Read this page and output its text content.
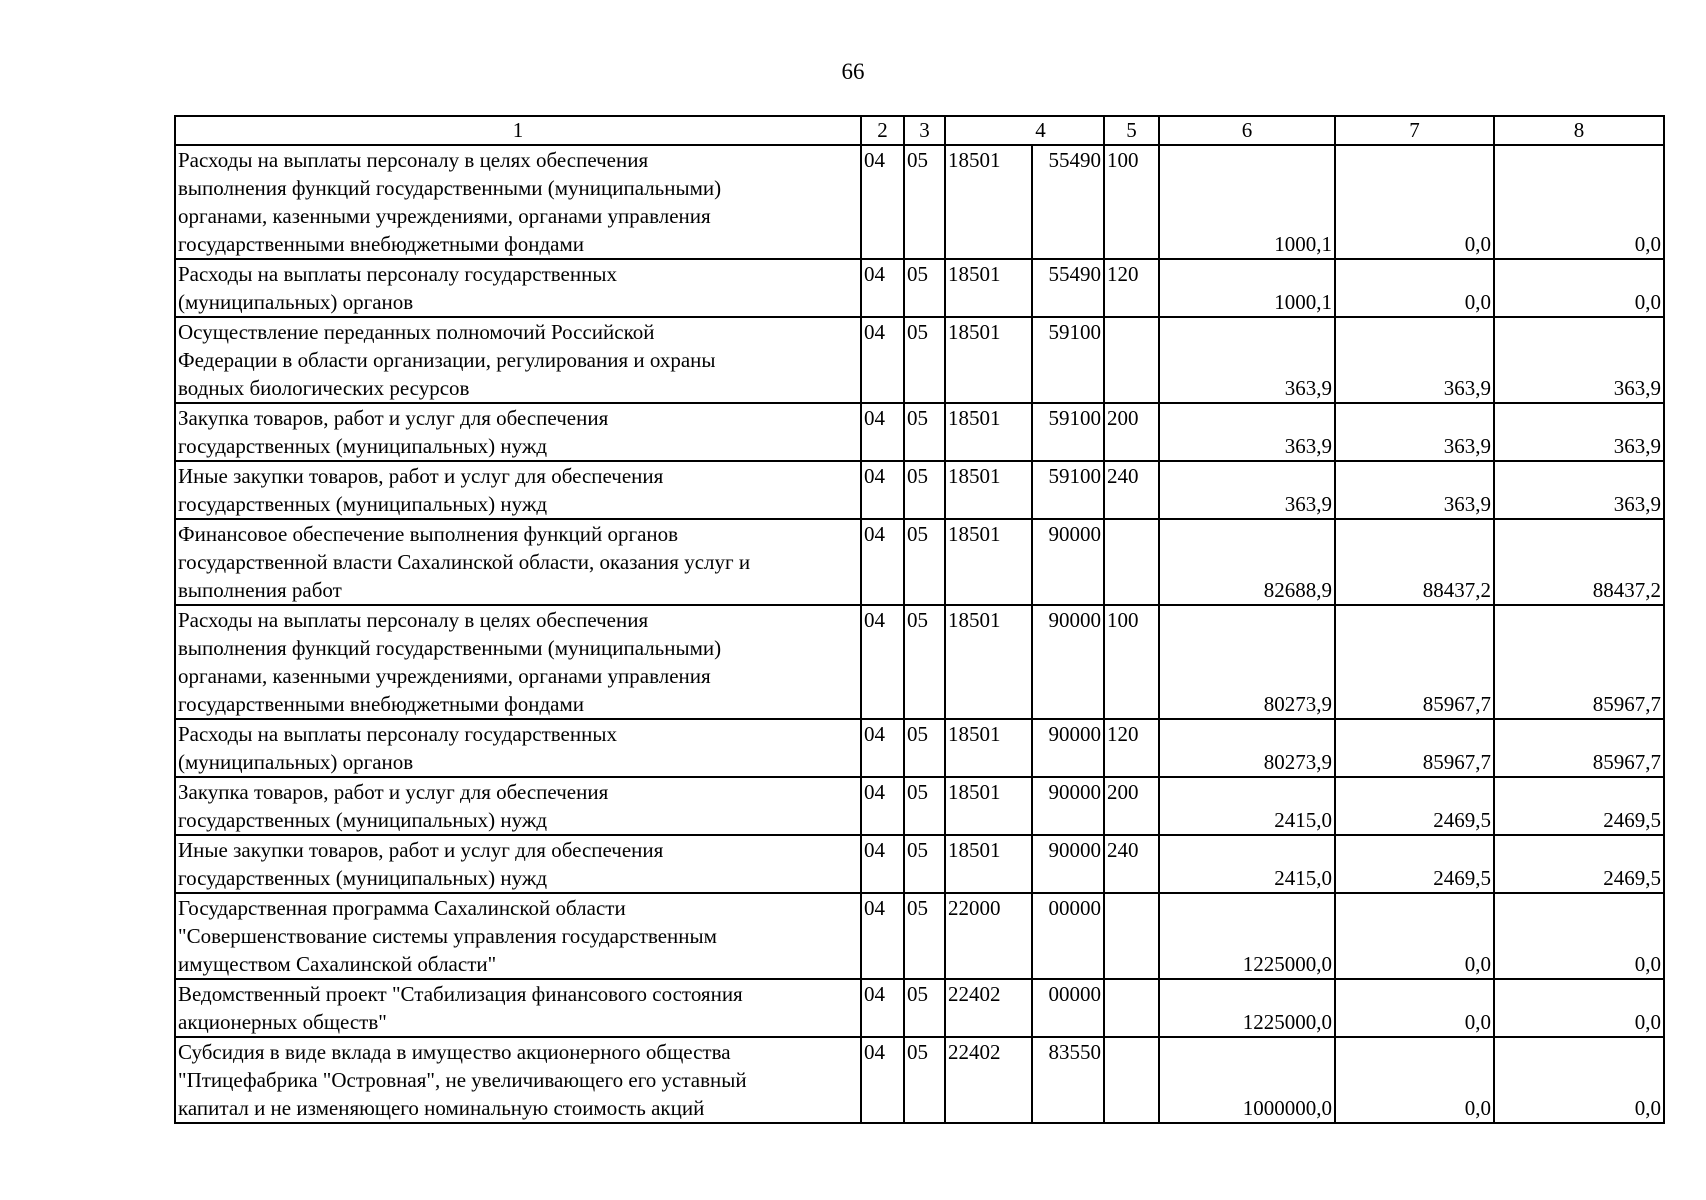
66
1	2	3	4		5	6	7	8

Расходы на выплаты персоналу в целях обеспечения
выполнения функций государственными (муниципальными)
органами, казенными учреждениями, органами управления
государственными внебюджетными фондами	04	05	18501	55490	100	1000,1	0,0	0,0

Расходы на выплаты персоналу государственных
(муниципальных) органов	04	05	18501	55490	120	1000,1	0,0	0,0

Осуществление переданных полномочий Российской
Федерации в области организации, регулирования и охраны
водных биологических ресурсов	04	05	18501	59100		363,9	363,9	363,9

Закупка товаров, работ и услуг для обеспечения
государственных (муниципальных) нужд	04	05	18501	59100	200	363,9	363,9	363,9

Иные закупки товаров, работ и услуг для обеспечения
государственных (муниципальных) нужд	04	05	18501	59100	240	363,9	363,9	363,9

Финансовое обеспечение выполнения функций органов
государственной власти Сахалинской области, оказания услуг и
выполнения работ	04	05	18501	90000		82688,9	88437,2	88437,2

Расходы на выплаты персоналу в целях обеспечения
выполнения функций государственными (муниципальными)
органами, казенными учреждениями, органами управления
государственными внебюджетными фондами	04	05	18501	90000	100	80273,9	85967,7	85967,7

Расходы на выплаты персоналу государственных
(муниципальных) органов	04	05	18501	90000	120	80273,9	85967,7	85967,7

Закупка товаров, работ и услуг для обеспечения
государственных (муниципальных) нужд	04	05	18501	90000	200	2415,0	2469,5	2469,5

Иные закупки товаров, работ и услуг для обеспечения
государственных (муниципальных) нужд	04	05	18501	90000	240	2415,0	2469,5	2469,5

Государственная программа Сахалинской области
"Совершенствование системы управления государственным
имуществом Сахалинской области"	04	05	22000	00000		1225000,0	0,0	0,0

Ведомственный проект "Стабилизация финансового состояния
акционерных обществ"	04	05	22402	00000		1225000,0	0,0	0,0

Субсидия в виде вклада в имущество акционерного общества
"Птицефабрика "Островная", не увеличивающего его уставный
капитал и не изменяющего номинальную стоимость акций	04	05	22402	83550		1000000,0	0,0	0,0
